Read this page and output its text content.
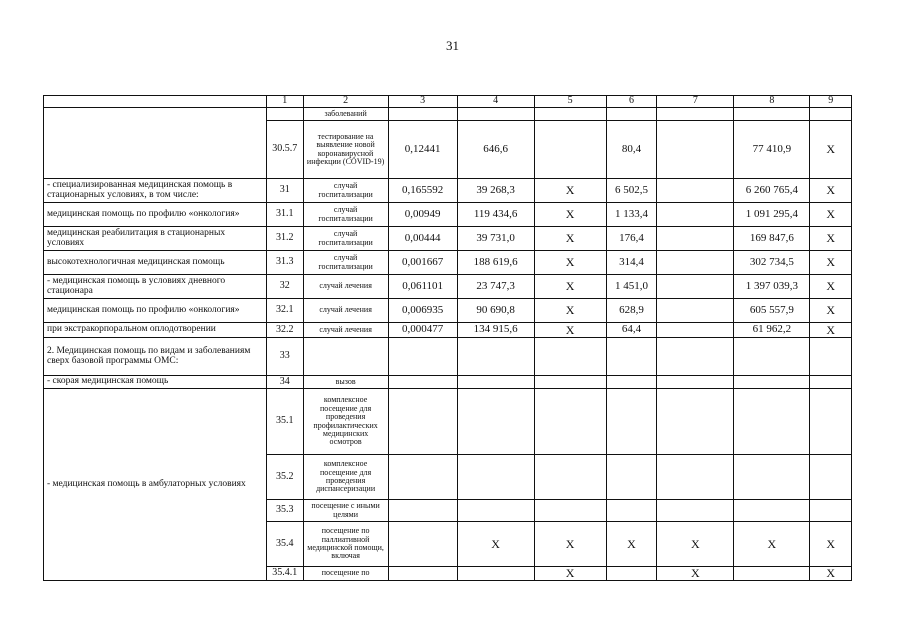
31
	1	2	3	4	5	6	7	8	9
		заболеваний							
	30.5.7	тестирование на выявление новой коронавирусной инфекции (COVID-19)	0,12441	646,6		80,4		77 410,9	X
- специализированная медицинская помощь в стационарных условиях, в том числе:	31	случай госпитализации	0,165592	39 268,3	X	6 502,5		6 260 765,4	X
медицинская помощь по профилю «онкология»	31.1	случай госпитализации	0,00949	119 434,6	X	1 133,4		1 091 295,4	X
медицинская реабилитация в стационарных условиях	31.2	случай госпитализации	0,00444	39 731,0	X	176,4		169 847,6	X
высокотехнологичная медицинская помощь	31.3	случай госпитализации	0,001667	188 619,6	X	314,4		302 734,5	X
- медицинская помощь в условиях дневного стационара	32	случай лечения	0,061101	23 747,3	X	1 451,0		1 397 039,3	X
медицинская помощь по профилю «онкология»	32.1	случай лечения	0,006935	90 690,8	X	628,9		605 557,9	X
при экстракорпоральном оплодотворении	32.2	случай лечения	0,000477	134 915,6	X	64,4		61 962,2	X
2. Медицинская помощь по видам и заболеваниям сверх базовой программы ОМС:	33								
- скорая медицинская помощь	34	вызов							
- медицинская помощь в амбулаторных условиях	35.1	комплексное посещение для проведения профилактических медицинских осмотров							
	35.2	комплексное посещение для проведения диспансеризации							
	35.3	посещение с иными целями							
	35.4	посещение по паллиативной медицинской помощи, включая		X	X	X	X	X	X
	35.4.1	посещение по			X		X		X
